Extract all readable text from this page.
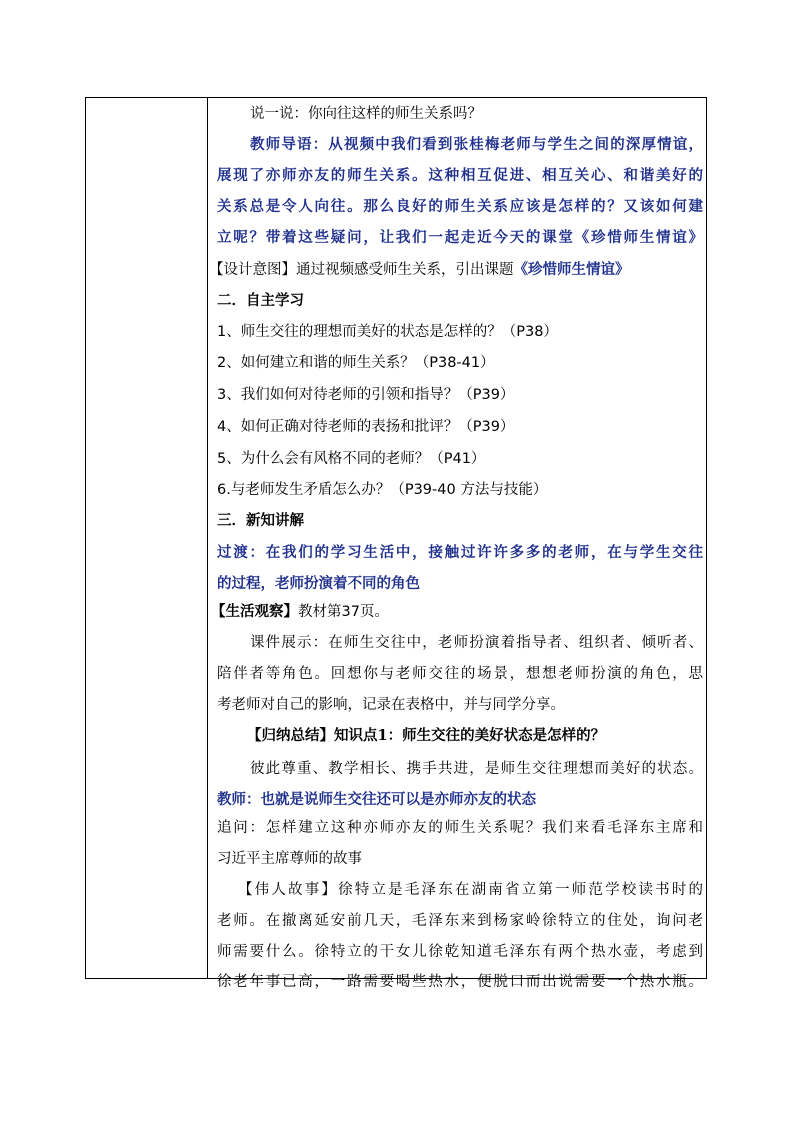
说一说：你向往这样的师生关系吗？
教师导语：从视频中我们看到张桂梅老师与学生之间的深厚情谊，
展现了亦师亦友的师生关系。这种相互促进、相互关心、和谐美好的
关系总是令人向往。那么良好的师生关系应该是怎样的？又该如何建
立呢？带着这些疑问，让我们一起走近今天的课堂《珍惜师生情谊》
【设计意图】通过视频感受师生关系，引出课题《珍惜师生情谊》
二．自主学习
1、师生交往的理想而美好的状态是怎样的？（P38）
2、如何建立和谐的师生关系？（P38-41）
3、我们如何对待老师的引领和指导？（P39）
4、如何正确对待老师的表扬和批评？（P39）
5、为什么会有风格不同的老师？（P41）
6.与老师发生矛盾怎么办？（P39-40 方法与技能）
三．新知讲解
过渡：在我们的学习生活中，接触过许许多多的老师，在与学生交往
的过程，老师扮演着不同的角色
【生活观察】教材第37页。
课件展示：在师生交往中，老师扮演着指导者、组织者、倾听者、
陪伴者等角色。回想你与老师交往的场景，想想老师扮演的角色，思
考老师对自己的影响，记录在表格中，并与同学分享。
【归纳总结】知识点1：师生交往的美好状态是怎样的？
彼此尊重、教学相长、携手共进，是师生交往理想而美好的状态。
教师：也就是说师生交往还可以是亦师亦友的状态
追问：怎样建立这种亦师亦友的师生关系呢？我们来看毛泽东主席和
习近平主席尊师的故事
【伟人故事】徐特立是毛泽东在湖南省立第一师范学校读书时的
老师。在撤离延安前几天，毛泽东来到杨家岭徐特立的住处，询问老
师需要什么。徐特立的干女儿徐乾知道毛泽东有两个热水壶，考虑到
徐老年事已高，一路需要喝些热水，便脱口而出说需要一个热水瓶。
